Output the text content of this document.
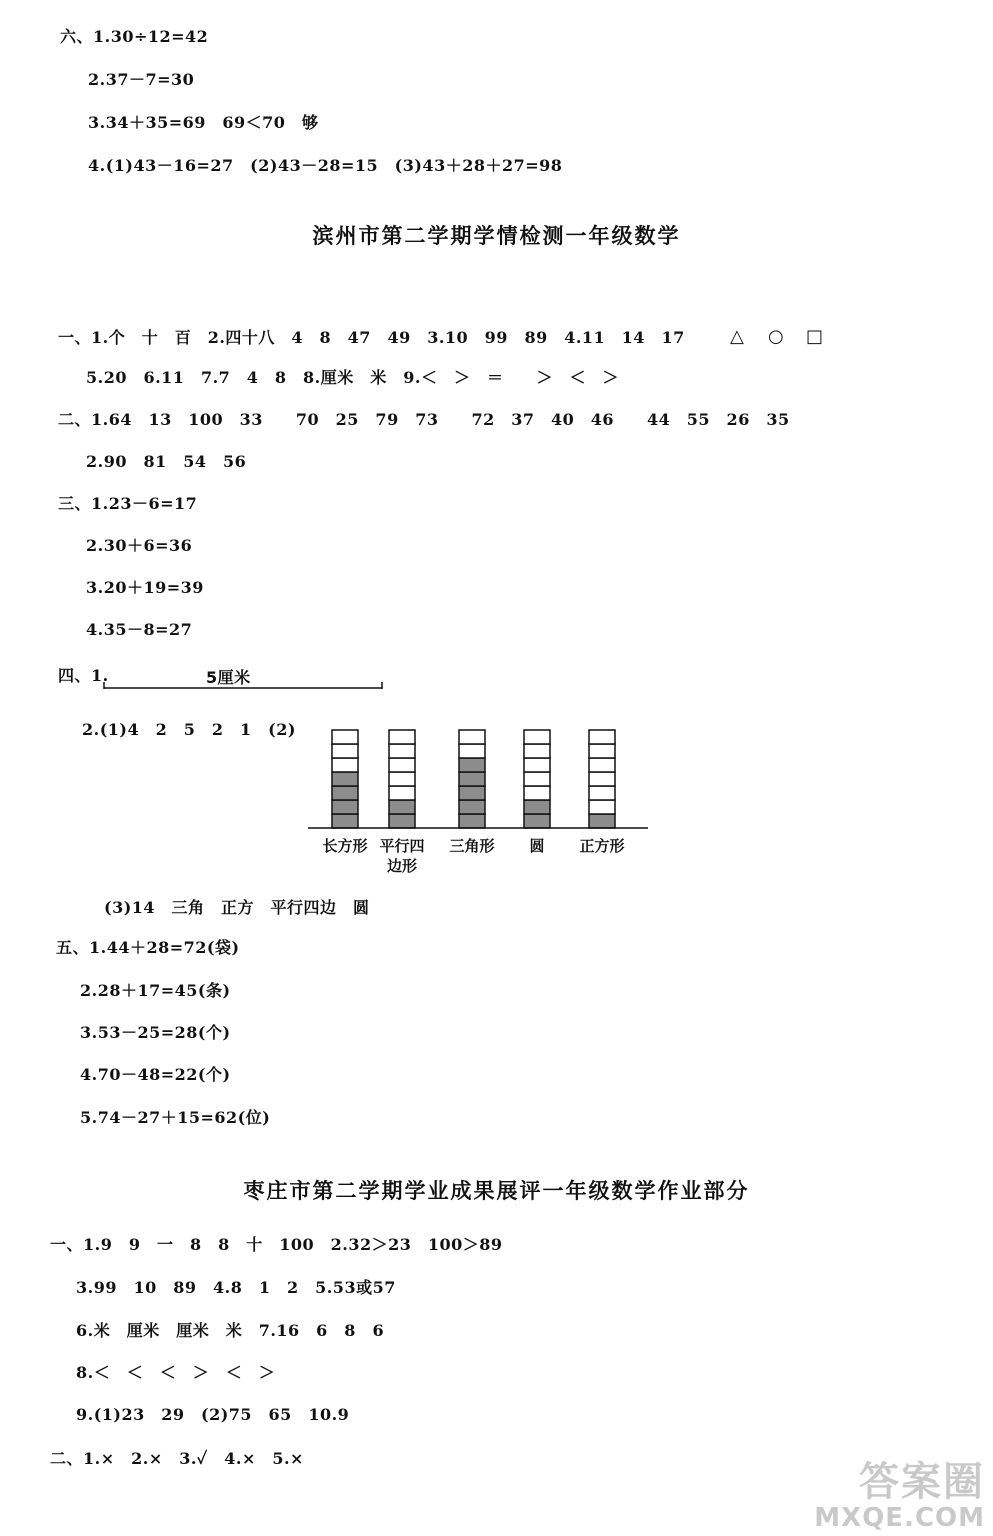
六、1.30÷12=42
2.37－7=30
3.34＋35=69　69＜70　够
4.(1)43－16=27　(2)43－28=15　(3)43＋28＋27=98
滨州市第二学期学情检测一年级数学
一、1.个　十　百　2.四十八　4　8　47　49　3.10　99　89　4.11　14　17	△ ○ □
5.20　6.11　7.7　4　8　8.厘米　米　9.＜　＞　＝　　＞　＜　＞
二、1.64　13　100　33　　70　25　79　73　　72　37　40　46　　44　55　26　35
2.90　81　54　56
三、1.23－6=17
2.30＋6=36
3.20＋19=39
4.35－8=27
四、1.	5厘米
2.(1)4　2　5　2　1　(2)
长方形 平行四边形
三角形 圆 正方形
(3)14　三角　正方　平行四边　圆
五、1.44＋28=72(袋)
2.28＋17=45(条)
3.53－25=28(个)
4.70－48=22(个)
5.74－27＋15=62(位)
枣庄市第二学期学业成果展评一年级数学作业部分
一、1.9　9　一　8　8　十　100　2.32＞23　100＞89
3.99　10　89　4.8　1　2　5.53或57
6.米　厘米　厘米　米　7.16　6　8　6
8.＜　＜　＜　＞　＜　＞
9.(1)23　29　(2)75　65　10.9
二、1.×　2.×　3.✓　4.×　5.×
答案圈
MXQE.COM
